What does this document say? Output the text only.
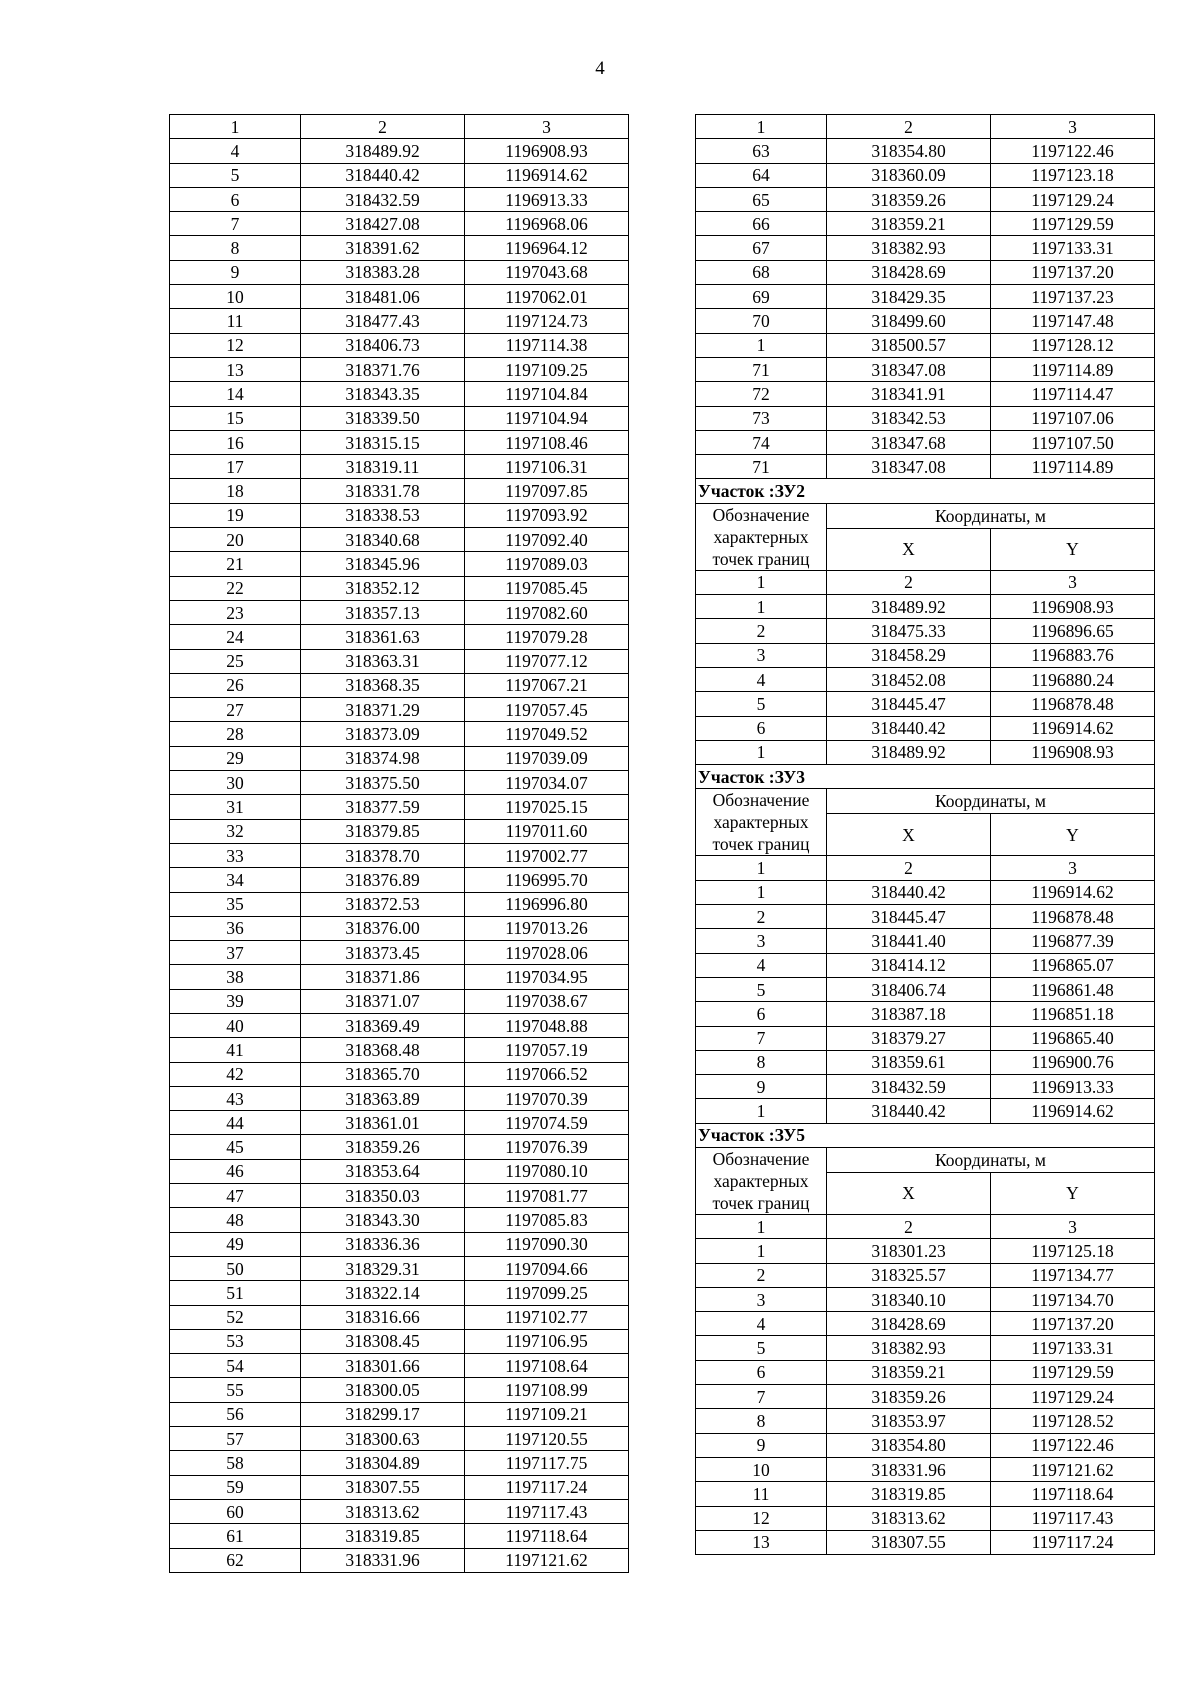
4
1	2	3
4	318489.92	1196908.93
5	318440.42	1196914.62
6	318432.59	1196913.33
7	318427.08	1196968.06
8	318391.62	1196964.12
9	318383.28	1197043.68
10	318481.06	1197062.01
11	318477.43	1197124.73
12	318406.73	1197114.38
13	318371.76	1197109.25
14	318343.35	1197104.84
15	318339.50	1197104.94
16	318315.15	1197108.46
17	318319.11	1197106.31
18	318331.78	1197097.85
19	318338.53	1197093.92
20	318340.68	1197092.40
21	318345.96	1197089.03
22	318352.12	1197085.45
23	318357.13	1197082.60
24	318361.63	1197079.28
25	318363.31	1197077.12
26	318368.35	1197067.21
27	318371.29	1197057.45
28	318373.09	1197049.52
29	318374.98	1197039.09
30	318375.50	1197034.07
31	318377.59	1197025.15
32	318379.85	1197011.60
33	318378.70	1197002.77
34	318376.89	1196995.70
35	318372.53	1196996.80
36	318376.00	1197013.26
37	318373.45	1197028.06
38	318371.86	1197034.95
39	318371.07	1197038.67
40	318369.49	1197048.88
41	318368.48	1197057.19
42	318365.70	1197066.52
43	318363.89	1197070.39
44	318361.01	1197074.59
45	318359.26	1197076.39
46	318353.64	1197080.10
47	318350.03	1197081.77
48	318343.30	1197085.83
49	318336.36	1197090.30
50	318329.31	1197094.66
51	318322.14	1197099.25
52	318316.66	1197102.77
53	318308.45	1197106.95
54	318301.66	1197108.64
55	318300.05	1197108.99
56	318299.17	1197109.21
57	318300.63	1197120.55
58	318304.89	1197117.75
59	318307.55	1197117.24
60	318313.62	1197117.43
61	318319.85	1197118.64
62	318331.96	1197121.62
1	2	3
63	318354.80	1197122.46
64	318360.09	1197123.18
65	318359.26	1197129.24
66	318359.21	1197129.59
67	318382.93	1197133.31
68	318428.69	1197137.20
69	318429.35	1197137.23
70	318499.60	1197147.48
1	318500.57	1197128.12
71	318347.08	1197114.89
72	318341.91	1197114.47
73	318342.53	1197107.06
74	318347.68	1197107.50
71	318347.08	1197114.89
Участок :ЗУ2		
Обозначение характерных точек границ	Координаты, м	
	X	Y
1	2	3
1	318489.92	1196908.93
2	318475.33	1196896.65
3	318458.29	1196883.76
4	318452.08	1196880.24
5	318445.47	1196878.48
6	318440.42	1196914.62
1	318489.92	1196908.93
Участок :ЗУ3		
Обозначение характерных точек границ	Координаты, м	
	X	Y
1	2	3
1	318440.42	1196914.62
2	318445.47	1196878.48
3	318441.40	1196877.39
4	318414.12	1196865.07
5	318406.74	1196861.48
6	318387.18	1196851.18
7	318379.27	1196865.40
8	318359.61	1196900.76
9	318432.59	1196913.33
1	318440.42	1196914.62
Участок :ЗУ5		
Обозначение характерных точек границ	Координаты, м	
	X	Y
1	2	3
1	318301.23	1197125.18
2	318325.57	1197134.77
3	318340.10	1197134.70
4	318428.69	1197137.20
5	318382.93	1197133.31
6	318359.21	1197129.59
7	318359.26	1197129.24
8	318353.97	1197128.52
9	318354.80	1197122.46
10	318331.96	1197121.62
11	318319.85	1197118.64
12	318313.62	1197117.43
13	318307.55	1197117.24
